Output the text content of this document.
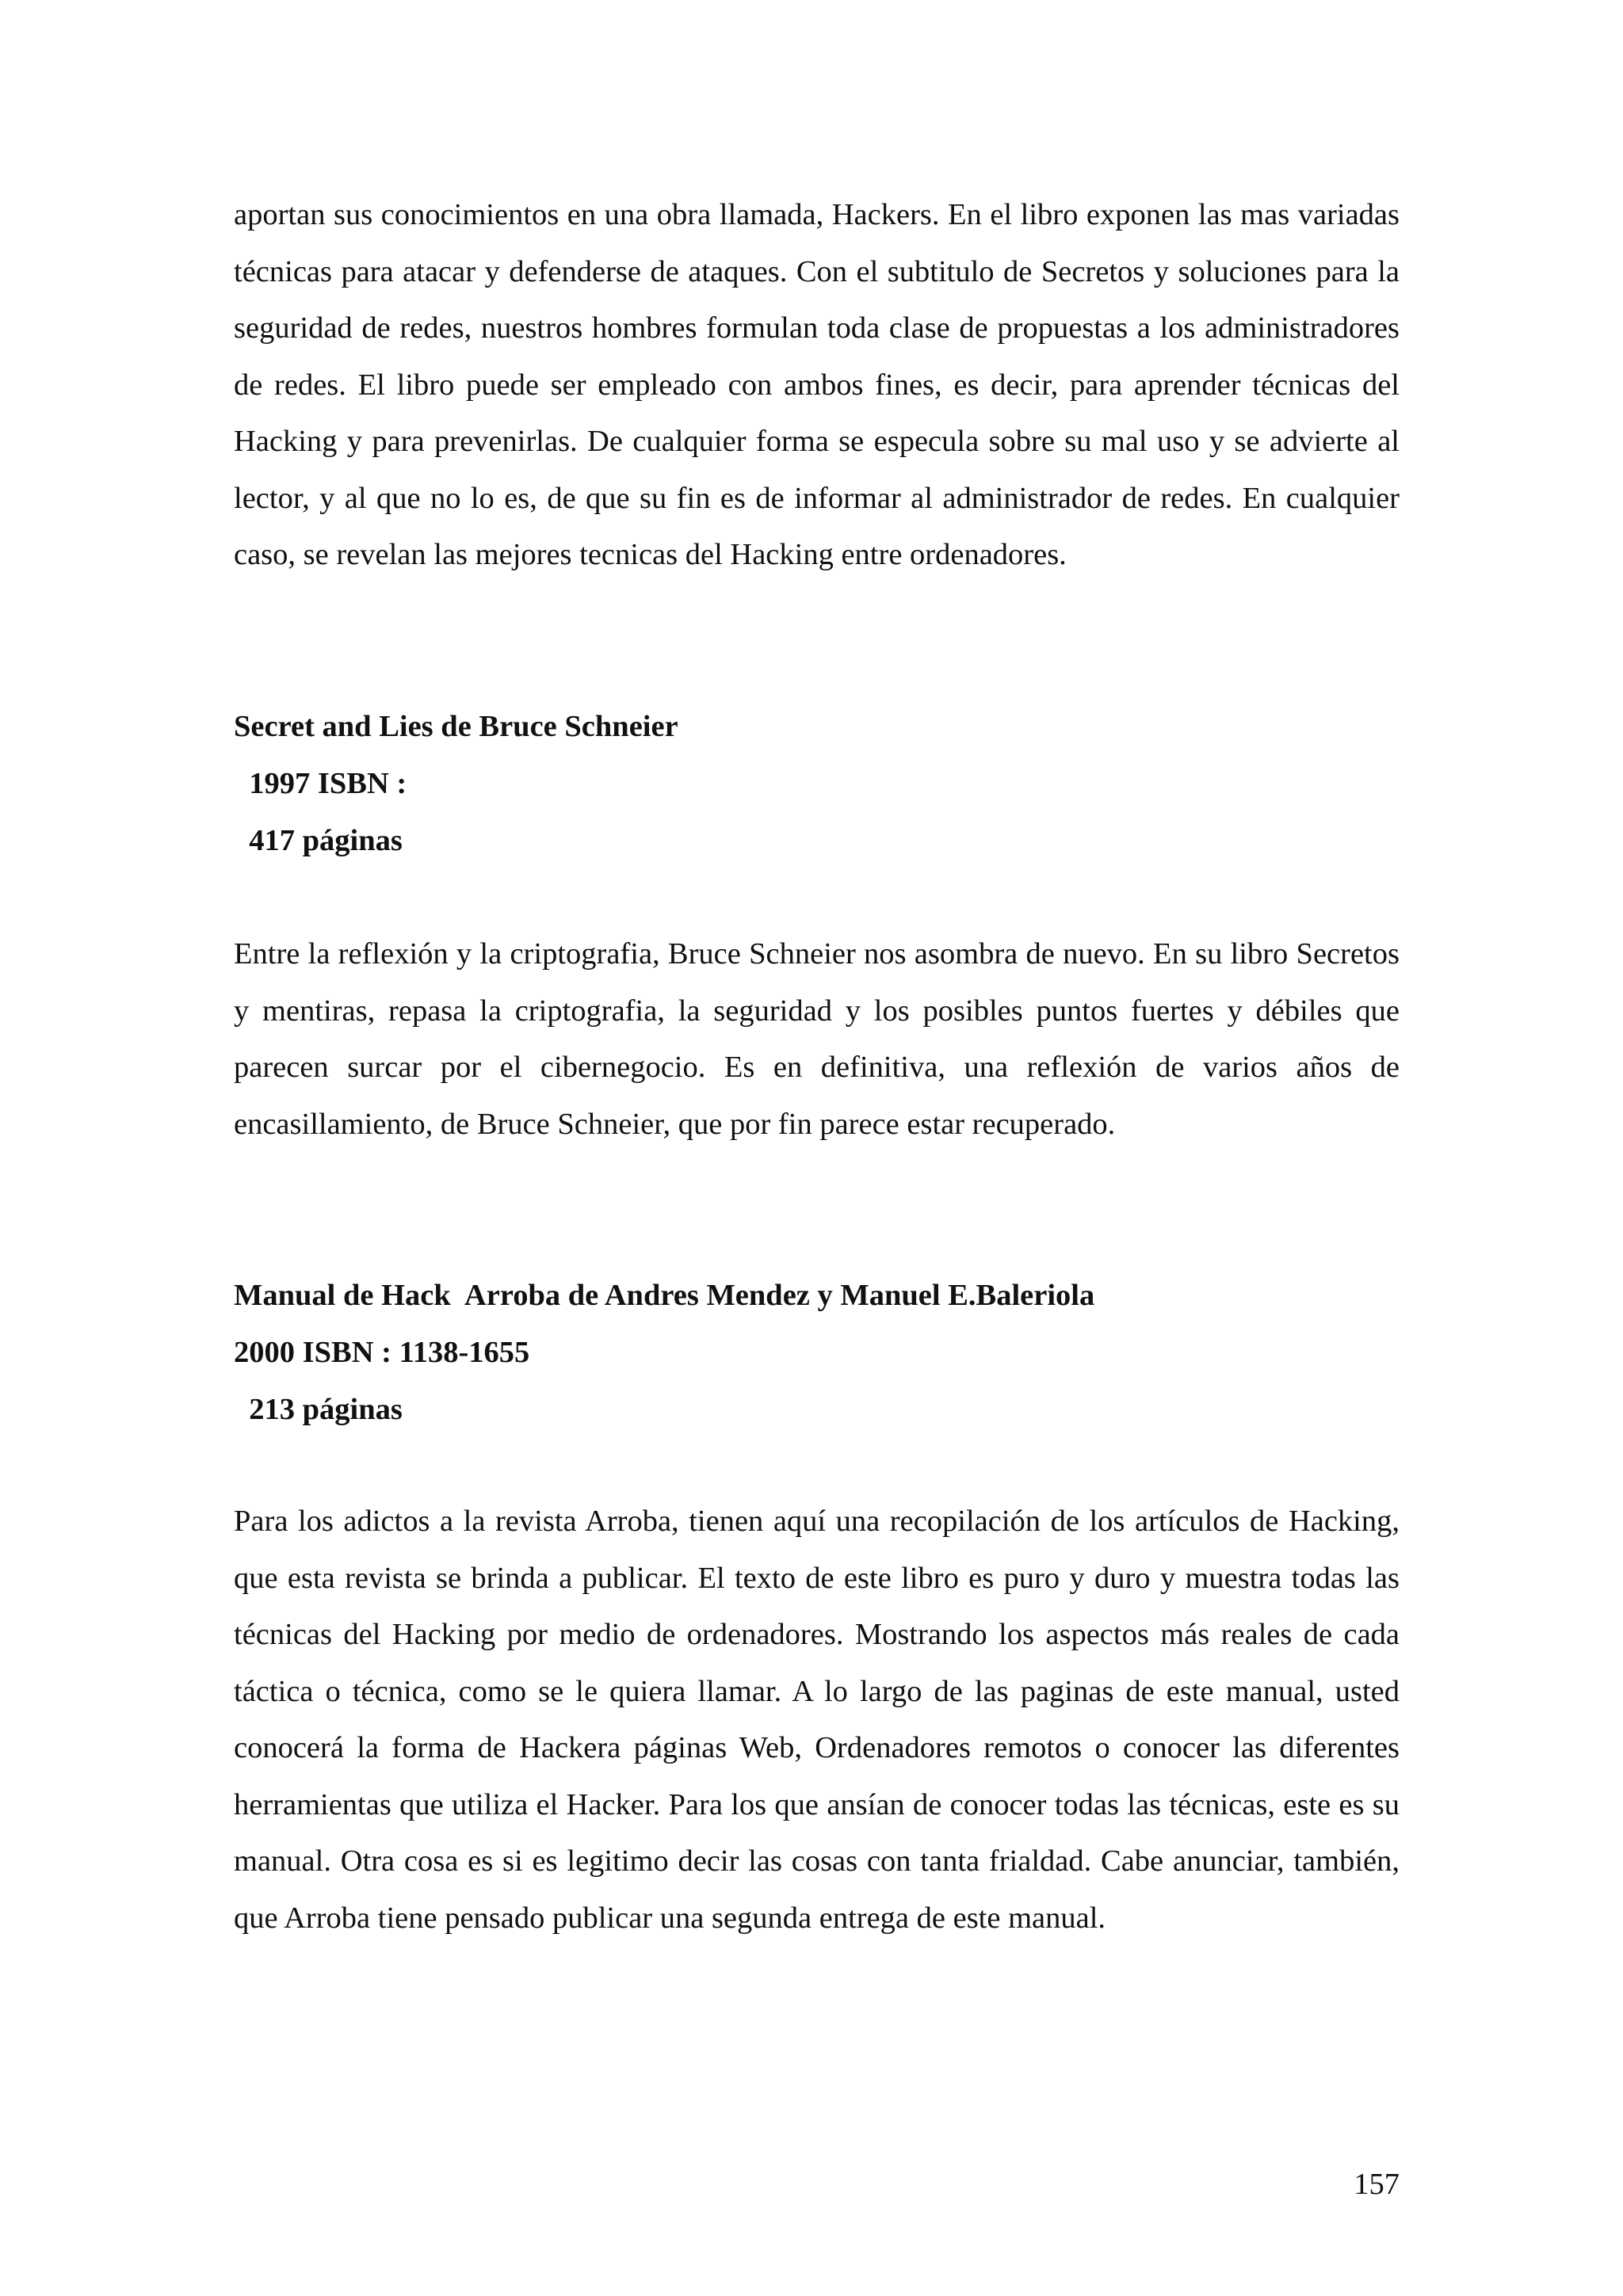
aportan sus conocimientos en una obra llamada, Hackers. En el libro exponen las mas variadas técnicas para atacar y defenderse de ataques. Con el subtitulo de Secretos y soluciones para la seguridad de redes, nuestros hombres formulan toda clase de propuestas a los administradores de redes. El libro puede ser empleado con ambos fines, es decir, para aprender técnicas del Hacking y para prevenirlas. De cualquier forma se especula sobre su mal uso y se advierte al lector, y al que no lo es, de que su fin es de informar al administrador de redes. En cualquier caso, se revelan las mejores tecnicas del Hacking entre ordenadores.

Secret and Lies de Bruce Schneier

1997 ISBN :

417 páginas

Entre la reflexión y la criptografia, Bruce Schneier nos asombra de nuevo. En su libro Secretos y mentiras, repasa la criptografia, la seguridad y los posibles puntos fuertes y débiles que parecen surcar por el cibernegocio. Es en definitiva, una reflexión de varios años de encasillamiento, de Bruce Schneier, que por fin parece estar recuperado.

Manual de Hack  Arroba de Andres Mendez y Manuel E.Baleriola

2000 ISBN : 1138-1655

213 páginas

Para los adictos a la revista Arroba, tienen aquí una recopilación de los artículos de Hacking, que esta revista se brinda a publicar. El texto de este libro es puro y duro y muestra todas las técnicas del Hacking por medio de ordenadores. Mostrando los aspectos más reales de cada táctica o técnica, como se le quiera llamar. A lo largo de las paginas de este manual, usted conocerá la forma de Hackera páginas Web, Ordenadores remotos o conocer las diferentes herramientas que utiliza el Hacker. Para los que ansían de conocer todas las técnicas, este es su manual. Otra cosa es si es legitimo decir las cosas con tanta frialdad. Cabe anunciar, también, que Arroba tiene pensado publicar una segunda entrega de este manual.

157
